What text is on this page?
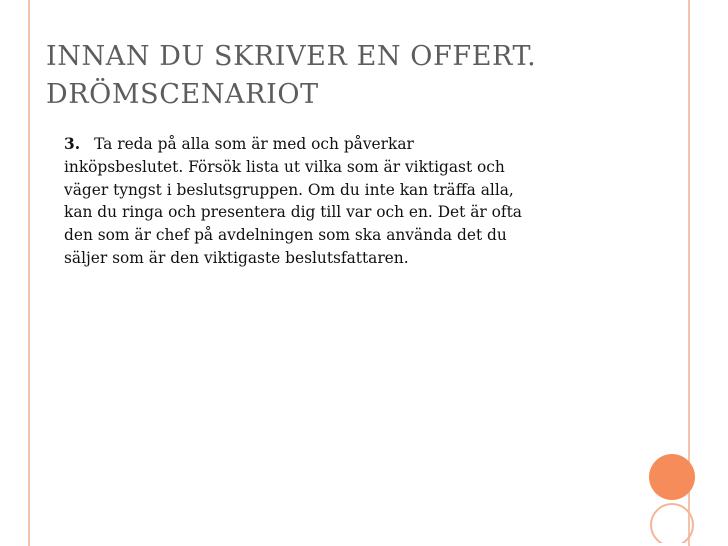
INNAN DU SKRIVER EN OFFERT.
DRÖMSCENARIOT
3. Ta reda på alla som är med och påverkar
inköpsbeslutet. Försök lista ut vilka som är viktigast och
väger tyngst i beslutsgruppen. Om du inte kan träffa alla,
kan du ringa och presentera dig till var och en. Det är ofta
den som är chef på avdelningen som ska använda det du
säljer som är den viktigaste beslutsfattaren.
